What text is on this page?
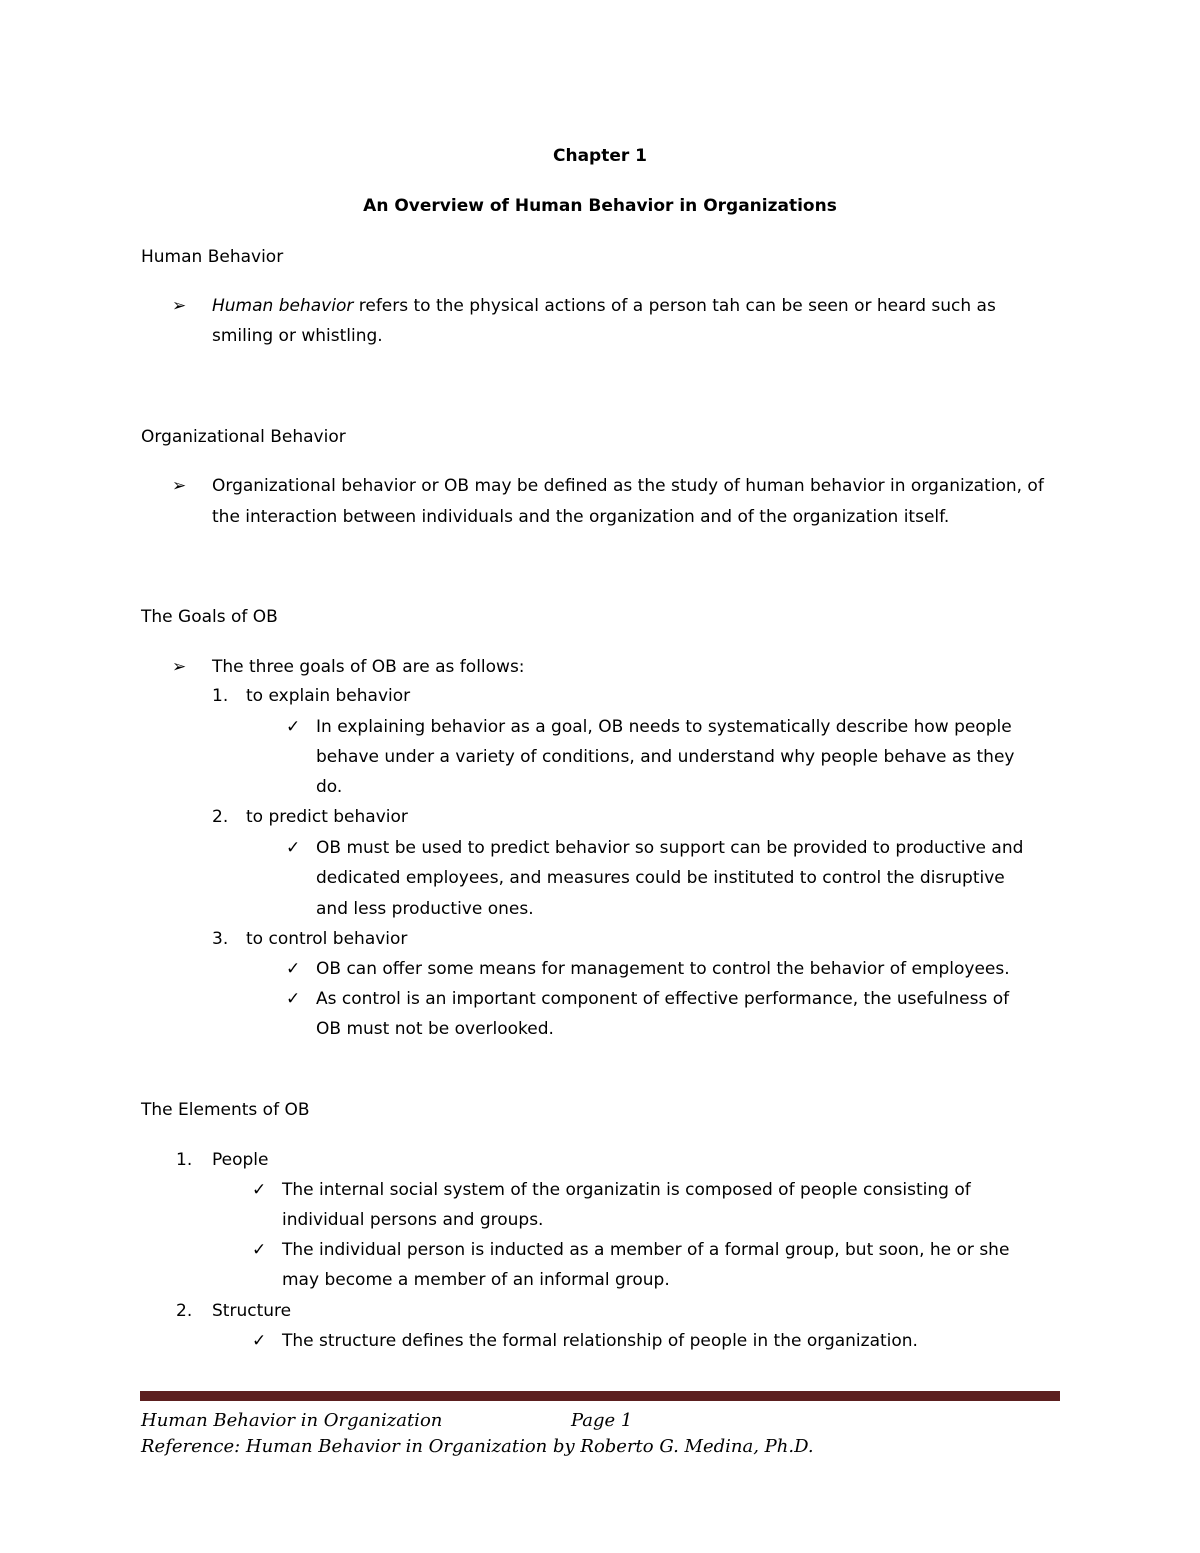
Chapter 1
An Overview of Human Behavior in Organizations
Human Behavior
➢ Human behavior refers to the physical actions of a person tah can be seen or heard such as
smiling or whistling.
Organizational Behavior
➢ Organizational behavior or OB may be defined as the study of human behavior in organization, of
the interaction between individuals and the organization and of the organization itself.
The Goals of OB
➢ The three goals of OB are as follows:
1. to explain behavior
✓ In explaining behavior as a goal, OB needs to systematically describe how people
behave under a variety of conditions, and understand why people behave as they
do.
2. to predict behavior
✓ OB must be used to predict behavior so support can be provided to productive and
dedicated employees, and measures could be instituted to control the disruptive
and less productive ones.
3. to control behavior
✓ OB can offer some means for management to control the behavior of employees.
✓ As control is an important component of effective performance, the usefulness of
OB must not be overlooked.
The Elements of OB
1. People
✓ The internal social system of the organizatin is composed of people consisting of
individual persons and groups.
✓ The individual person is inducted as a member of a formal group, but soon, he or she
may become a member of an informal group.
2. Structure
✓ The structure defines the formal relationship of people in the organization.
Human Behavior in Organization	Page 1
Reference: Human Behavior in Organization by Roberto G. Medina, Ph.D.
